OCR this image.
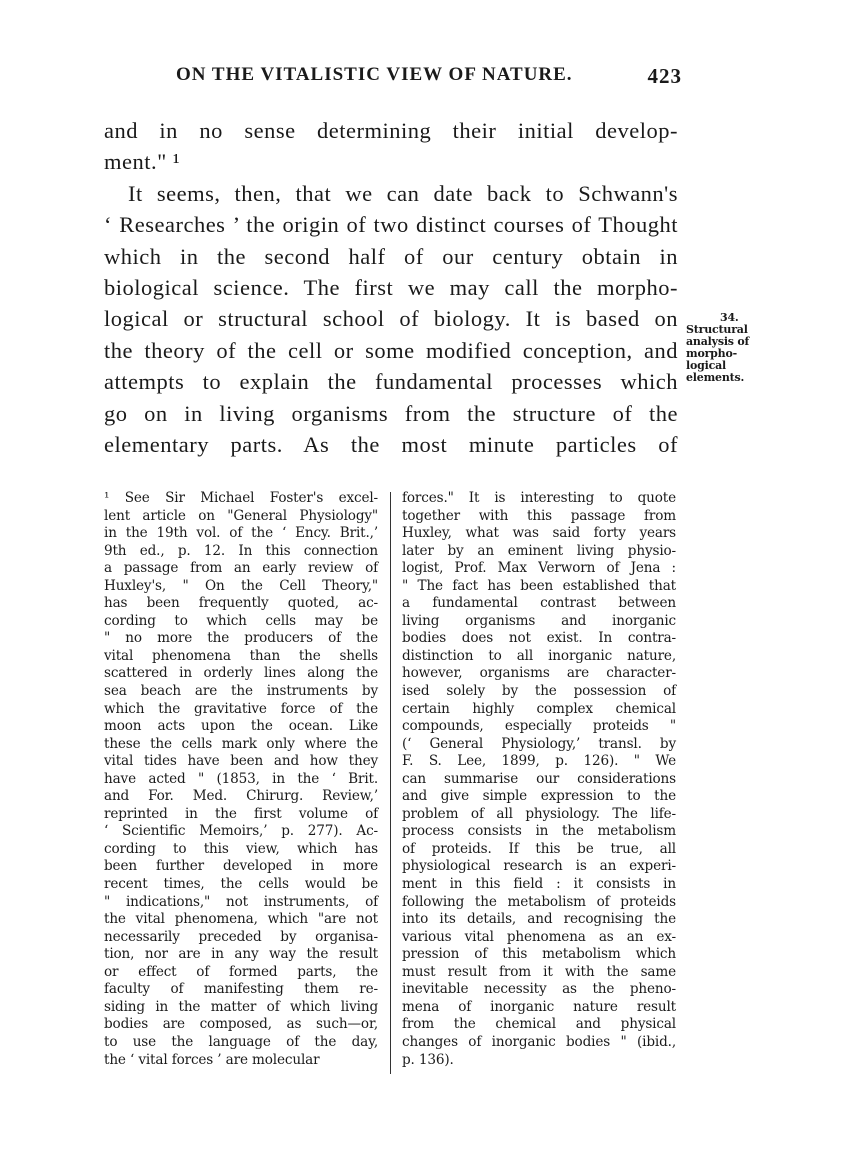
ON THE VITALISTIC VIEW OF NATURE.	423
and in no sense determining their initial develop-
ment." ¹
It seems, then, that we can date back to Schwann's
‘ Researches ’ the origin of two distinct courses of Thought
which in the second half of our century obtain in
biological science. The first we may call the morpho-
logical or structural school of biology. It is based on
the theory of the cell or some modified conception, and
attempts to explain the fundamental processes which
go on in living organisms from the structure of the
elementary parts. As the most minute particles of
34.
Structural
analysis of
morpho-
logical
elements.
¹ See Sir Michael Foster's excel-
lent article on "General Physiology"
in the 19th vol. of the ‘ Ency. Brit.,’
9th ed., p. 12. In this connection
a passage from an early review of
Huxley's, " On the Cell Theory,"
has been frequently quoted, ac-
cording to which cells may be
" no more the producers of the
vital phenomena than the shells
scattered in orderly lines along the
sea beach are the instruments by
which the gravitative force of the
moon acts upon the ocean. Like
these the cells mark only where the
vital tides have been and how they
have acted " (1853, in the ‘ Brit.
and For. Med. Chirurg. Review,’
reprinted in the first volume of
‘ Scientific Memoirs,’ p. 277). Ac-
cording to this view, which has
been further developed in more
recent times, the cells would be
" indications," not instruments, of
the vital phenomena, which "are not
necessarily preceded by organisa-
tion, nor are in any way the result
or effect of formed parts, the
faculty of manifesting them re-
siding in the matter of which living
bodies are composed, as such—or,
to use the language of the day,
the ‘ vital forces ’ are molecular
forces." It is interesting to quote
together with this passage from
Huxley, what was said forty years
later by an eminent living physio-
logist, Prof. Max Verworn of Jena :
" The fact has been established that
a fundamental contrast between
living organisms and inorganic
bodies does not exist. In contra-
distinction to all inorganic nature,
however, organisms are character-
ised solely by the possession of
certain highly complex chemical
compounds, especially proteids "
(‘ General Physiology,’ transl. by
F. S. Lee, 1899, p. 126). " We
can summarise our considerations
and give simple expression to the
problem of all physiology. The life-
process consists in the metabolism
of proteids. If this be true, all
physiological research is an experi-
ment in this field : it consists in
following the metabolism of proteids
into its details, and recognising the
various vital phenomena as an ex-
pression of this metabolism which
must result from it with the same
inevitable necessity as the pheno-
mena of inorganic nature result
from the chemical and physical
changes of inorganic bodies " (ibid.,
p. 136).
